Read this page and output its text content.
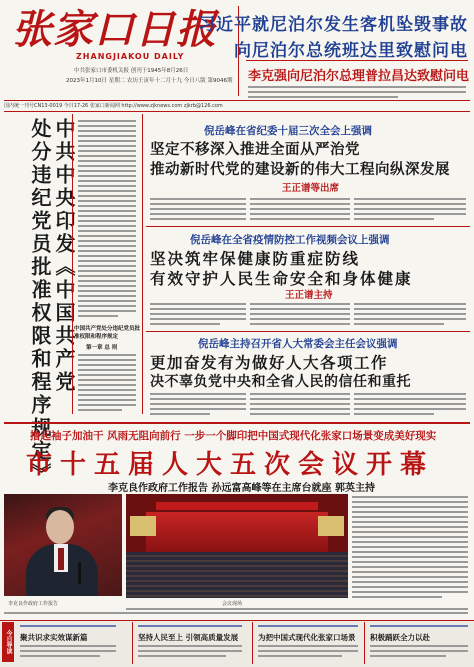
张家口日报
ZHANGJIAKOU DAILY
中共张家口市委机关报 创刊于1945年8月26日
2023年1月10日 星期二 农历壬寅年十二月十九 今日八版 第9046期
国内统一刊号CN13-0019 今日17-26 张家口新闻网 http://www.zjknews.com zjkrb@126.com
习近平就尼泊尔发生客机坠毁事故
向尼泊尔总统班达里致慰问电
李克强向尼泊尔总理普拉昌达致慰问电
中共中央印发《中国共产党
处分违纪党员批准权限和程序规定》	中国共产党处分违纪党员批准权限和程序规定
第一章 总 则
倪岳峰在省纪委十届三次全会上强调
坚定不移深入推进全面从严治党
推动新时代党的建设新的伟大工程向纵深发展
王正谱等出席
倪岳峰在全省疫情防控工作视频会议上强调
坚决筑牢保健康防重症防线
有效守护人民生命安全和身体健康
王正谱主持
倪岳峰主持召开省人大常委会主任会议强调
更加奋发有为做好人大各项工作
决不辜负党中央和全省人民的信任和重托
撸起袖子加油干 风雨无阻向前行 一步一个脚印把中国式现代化张家口场景变成美好现实
市十五届人大五次会议开幕
李克良作政府工作报告 孙远富高峰等在主席台就座 郭英主持
李克良作政府工作报告	会议现场
今日导读 聚共识求实效谋新篇	坚持人民至上 引领高质量发展	为把中国式现代化张家口场景 积极踊跃全力以赴
